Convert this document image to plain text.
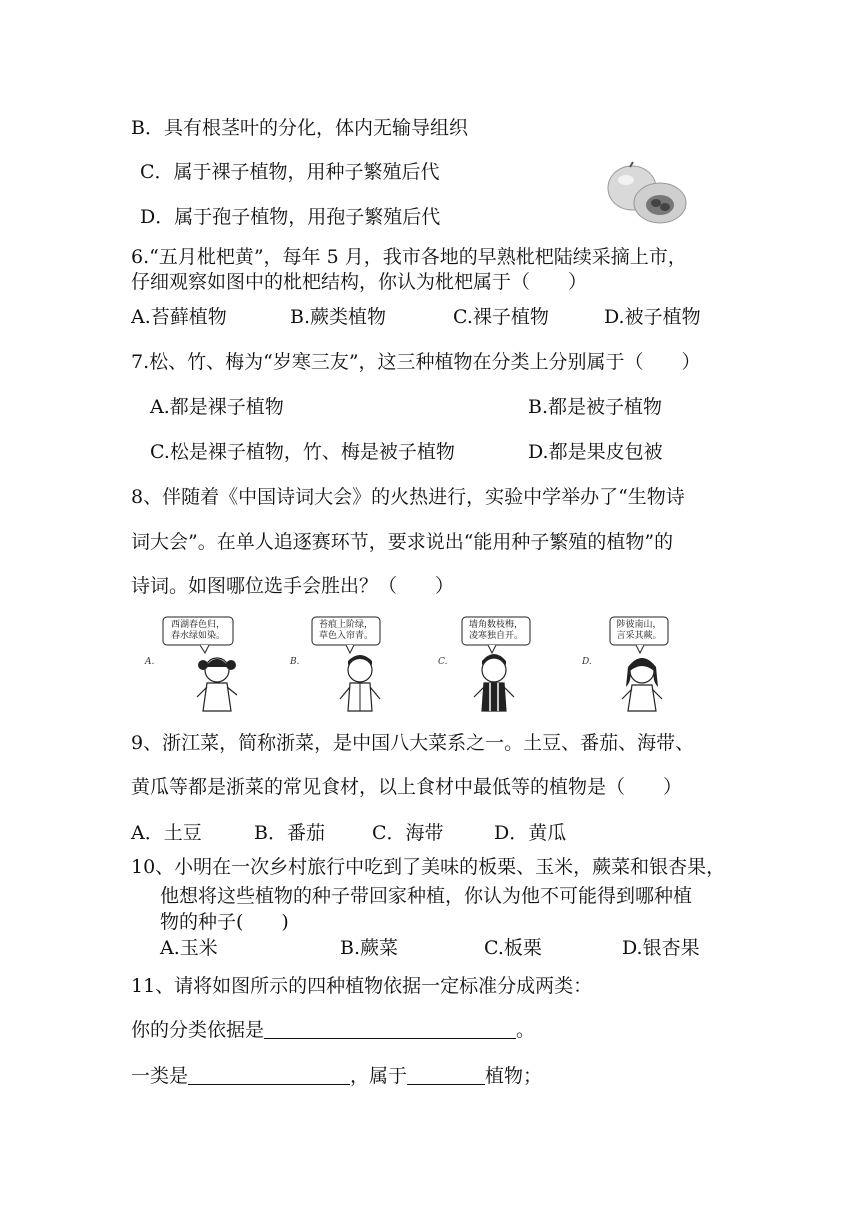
B．具有根茎叶的分化，体内无输导组织
C．属于裸子植物，用种子繁殖后代
D．属于孢子植物，用孢子繁殖后代
6.“五月枇杷黄”，每年 5 月，我市各地的早熟枇杷陆续采摘上市，
仔细观察如图中的枇杷结构，你认为枇杷属于（　　）
A.苔藓植物	B.蕨类植物	C.裸子植物	D.被子植物
7.松、竹、梅为“岁寒三友”，这三种植物在分类上分别属于（　　）
A.都是裸子植物	B.都是被子植物
C.松是裸子植物，竹、梅是被子植物	D.都是果皮包被
8、伴随着《中国诗词大会》的火热进行，实验中学举办了“生物诗
词大会”。在单人追逐赛环节，要求说出“能用种子繁殖的植物”的
诗词。如图哪位选手会胜出？（　　）
A.
西湖春色归，
春水绿如染。
B.
苔痕上阶绿，
草色入帘青。
C.
墙角数枝梅，
凌寒独自开。
D.
陟彼南山，
言采其蕨。
9、浙江菜，简称浙菜，是中国八大菜系之一。土豆、番茄、海带、
黄瓜等都是浙菜的常见食材，以上食材中最低等的植物是（　　）
A．土豆	B．番茄 C．海带	D．黄瓜
10、小明在一次乡村旅行中吃到了美味的板栗、玉米，蕨菜和银杏果，
他想将这些植物的种子带回家种植，你认为他不可能得到哪种植
物的种子(　　)
A.玉米	B.蕨菜	C.板栗	D.银杏果
11、请将如图所示的四种植物依据一定标准分成两类：
你的分类依据是	。
一类是	，属于	植物；
